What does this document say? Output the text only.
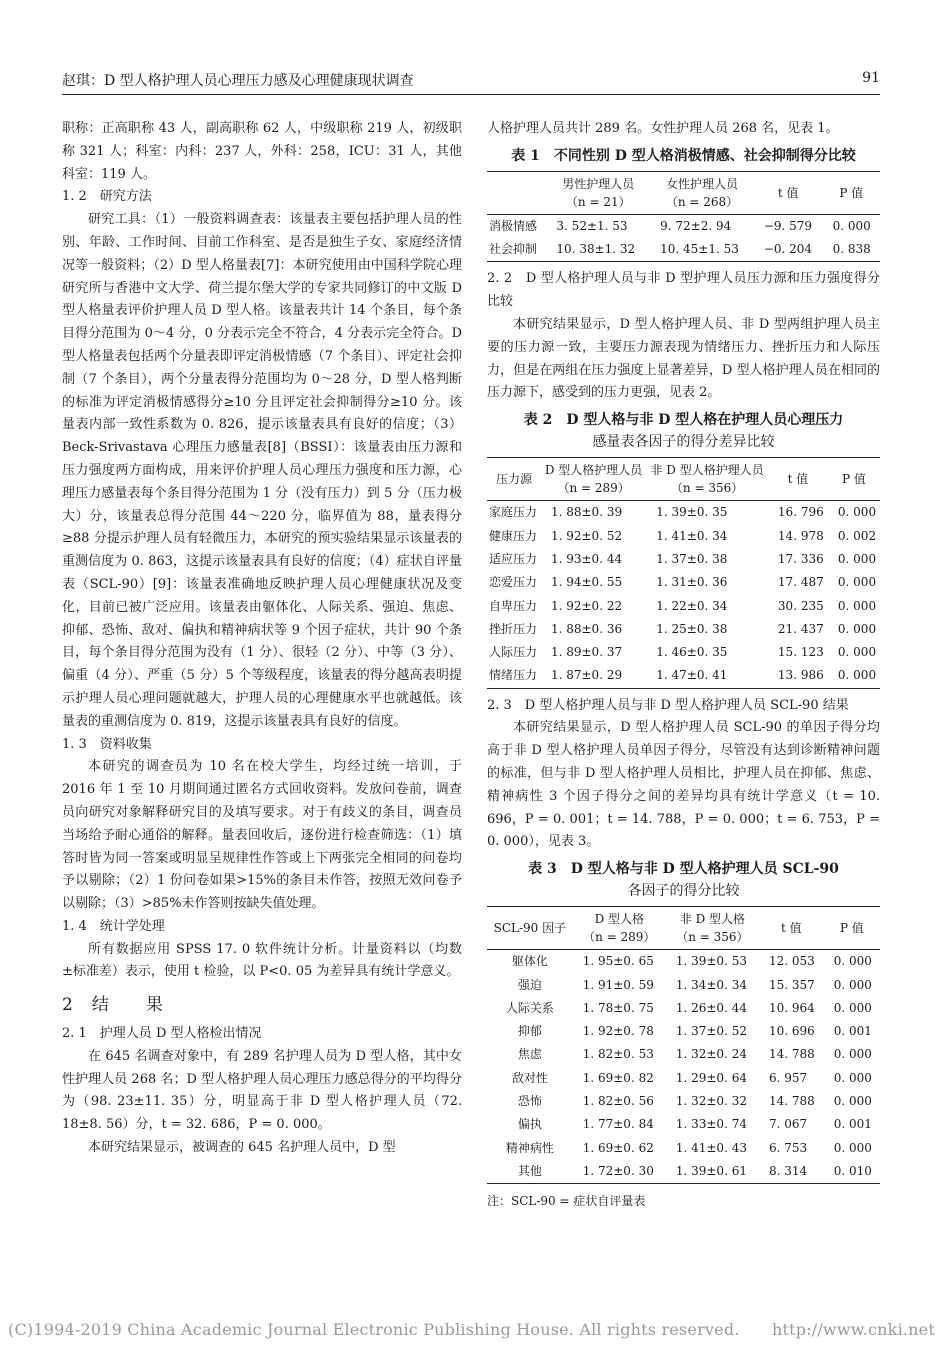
赵琪：D 型人格护理人员心理压力感及心理健康现状调查	91

职称：正高职称 43 人，副高职称 62 人，中级职称 219 人，初级职称 321 人；科室：内科：237 人，外科：258，ICU：31 人，其他科室：119 人。

1. 2　研究方法

研究工具：（1）一般资料调查表：该量表主要包括护理人员的性别、年龄、工作时间、目前工作科室、是否是独生子女、家庭经济情况等一般资料；（2）D 型人格量表[7]：本研究使用由中国科学院心理研究所与香港中文大学、荷兰提尔堡大学的专家共同修订的中文版 D 型人格量表评价护理人员 D 型人格。该量表共计 14 个条目，每个条目得分范围为 0～4 分，0 分表示完全不符合，4 分表示完全符合。D 型人格量表包括两个分量表即评定消极情感（7 个条目）、评定社会抑制（7 个条目），两个分量表得分范围均为 0～28 分，D 型人格判断的标准为评定消极情感得分≥10 分且评定社会抑制得分≥10 分。该量表内部一致性系数为 0. 826，提示该量表具有良好的信度；（3）Beck-Srivastava 心理压力感量表[8]（BSSI）：该量表由压力源和压力强度两方面构成，用来评价护理人员心理压力强度和压力源，心理压力感量表每个条目得分范围为 1 分（没有压力）到 5 分（压力极大）分，该量表总得分范围 44～220 分，临界值为 88，量表得分≥88 分提示护理人员有轻微压力，本研究的预实验结果显示该量表的重测信度为 0. 863，这提示该量表具有良好的信度；（4）症状自评量表（SCL-90）[9]：该量表准确地反映护理人员心理健康状况及变化，目前已被广泛应用。该量表由躯体化、人际关系、强迫、焦虑、抑郁、恐怖、敌对、偏执和精神病状等 9 个因子症状，共计 90 个条目，每个条目得分范围为没有（1 分）、很轻（2 分）、中等（3 分）、偏重（4 分）、严重（5 分）5 个等级程度，该量表的得分越高表明提示护理人员心理问题就越大，护理人员的心理健康水平也就越低。该量表的重测信度为 0. 819，这提示该量表具有良好的信度。

1. 3　资料收集

本研究的调查员为 10 名在校大学生，均经过统一培训，于 2016 年 1 至 10 月期间通过匿名方式回收资料。发放问卷前，调查员向研究对象解释研究目的及填写要求。对于有歧义的条目，调查员当场给予耐心通俗的解释。量表回收后，逐份进行检查筛选：（1）填答时皆为同一答案或明显呈规律性作答或上下两张完全相同的问卷均予以剔除；（2）1 份问卷如果>15%的条目未作答，按照无效问卷予以剔除；（3）>85%未作答则按缺失值处理。

1. 4　统计学处理

所有数据应用 SPSS 17. 0 软件统计分析。计量资料以（均数±标准差）表示，使用 t 检验，以 P<0. 05 为差异具有统计学意义。

2　结　　果

2. 1　护理人员 D 型人格检出情况

在 645 名调查对象中，有 289 名护理人员为 D 型人格，其中女性护理人员 268 名；D 型人格护理人员心理压力感总得分的平均得分为（98. 23±11. 35）分，明显高于非 D 型人格护理人员（72. 18±8. 56）分，t = 32. 686，P = 0. 000。

本研究结果显示，被调查的 645 名护理人员中，D 型

人格护理人员共计 289 名。女性护理人员 268 名，见表 1。

表 1　不同性别 D 型人格消极情感、社会抑制得分比较
	男性护理人员
（n = 21）	女性护理人员
（n = 268）	t 值	P 值
消极情感	3. 52±1. 53	9. 72±2. 94	−9. 579	0. 000
社会抑制	10. 38±1. 32	10. 45±1. 53	−0. 204	0. 838

2. 2　D 型人格护理人员与非 D 型护理人员压力源和压力强度得分比较

本研究结果显示，D 型人格护理人员、非 D 型两组护理人员主要的压力源一致，主要压力源表现为情绪压力、挫折压力和人际压力，但是在两组在压力强度上显著差异，D 型人格护理人员在相同的压力源下，感受到的压力更强，见表 2。

表 2　D 型人格与非 D 型人格在护理人员心理压力
感量表各因子的得分差异比较
压力源	D 型人格护理人员
（n = 289）	非 D 型人格护理人员
（n = 356）	t 值	P 值
家庭压力	1. 88±0. 39	1. 39±0. 35	16. 796	0. 000
健康压力	1. 92±0. 52	1. 41±0. 34	14. 978	0. 002
适应压力	1. 93±0. 44	1. 37±0. 38	17. 336	0. 000
恋爱压力	1. 94±0. 55	1. 31±0. 36	17. 487	0. 000
自卑压力	1. 92±0. 22	1. 22±0. 34	30. 235	0. 000
挫折压力	1. 88±0. 36	1. 25±0. 38	21. 437	0. 000
人际压力	1. 89±0. 37	1. 46±0. 35	15. 123	0. 000
情绪压力	1. 87±0. 29	1. 47±0. 41	13. 986	0. 000

2. 3　D 型人格护理人员与非 D 型人格护理人员 SCL-90 结果

本研究结果显示，D 型人格护理人员 SCL-90 的单因子得分均高于非 D 型人格护理人员单因子得分，尽管没有达到诊断精神问题的标准，但与非 D 型人格护理人员相比，护理人员在抑郁、焦虑、精神病性 3 个因子得分之间的差异均具有统计学意义（t = 10. 696，P = 0. 001；t = 14. 788，P = 0. 000；t = 6. 753，P = 0. 000），见表 3。

表 3　D 型人格与非 D 型人格护理人员 SCL-90
各因子的得分比较
SCL-90 因子	D 型人格
（n = 289）	非 D 型人格
（n = 356）	t 值	P 值
躯体化	1. 95±0. 65	1. 39±0. 53	12. 053	0. 000
强迫	1. 91±0. 59	1. 34±0. 34	15. 357	0. 000
人际关系	1. 78±0. 75	1. 26±0. 44	10. 964	0. 000
抑郁	1. 92±0. 78	1. 37±0. 52	10. 696	0. 001
焦虑	1. 82±0. 53	1. 32±0. 24	14. 788	0. 000
敌对性	1. 69±0. 82	1. 29±0. 64	6. 957	0. 000
恐怖	1. 82±0. 56	1. 32±0. 32	14. 788	0. 000
偏执	1. 77±0. 84	1. 33±0. 74	7. 067	0. 001
精神病性	1. 69±0. 62	1. 41±0. 43	6. 753	0. 000
其他	1. 72±0. 30	1. 39±0. 61	8. 314	0. 010
注：SCL-90 = 症状自评量表
(C)1994-2019 China Academic Journal Electronic Publishing House. All rights reserved.　　http://www.cnki.net
